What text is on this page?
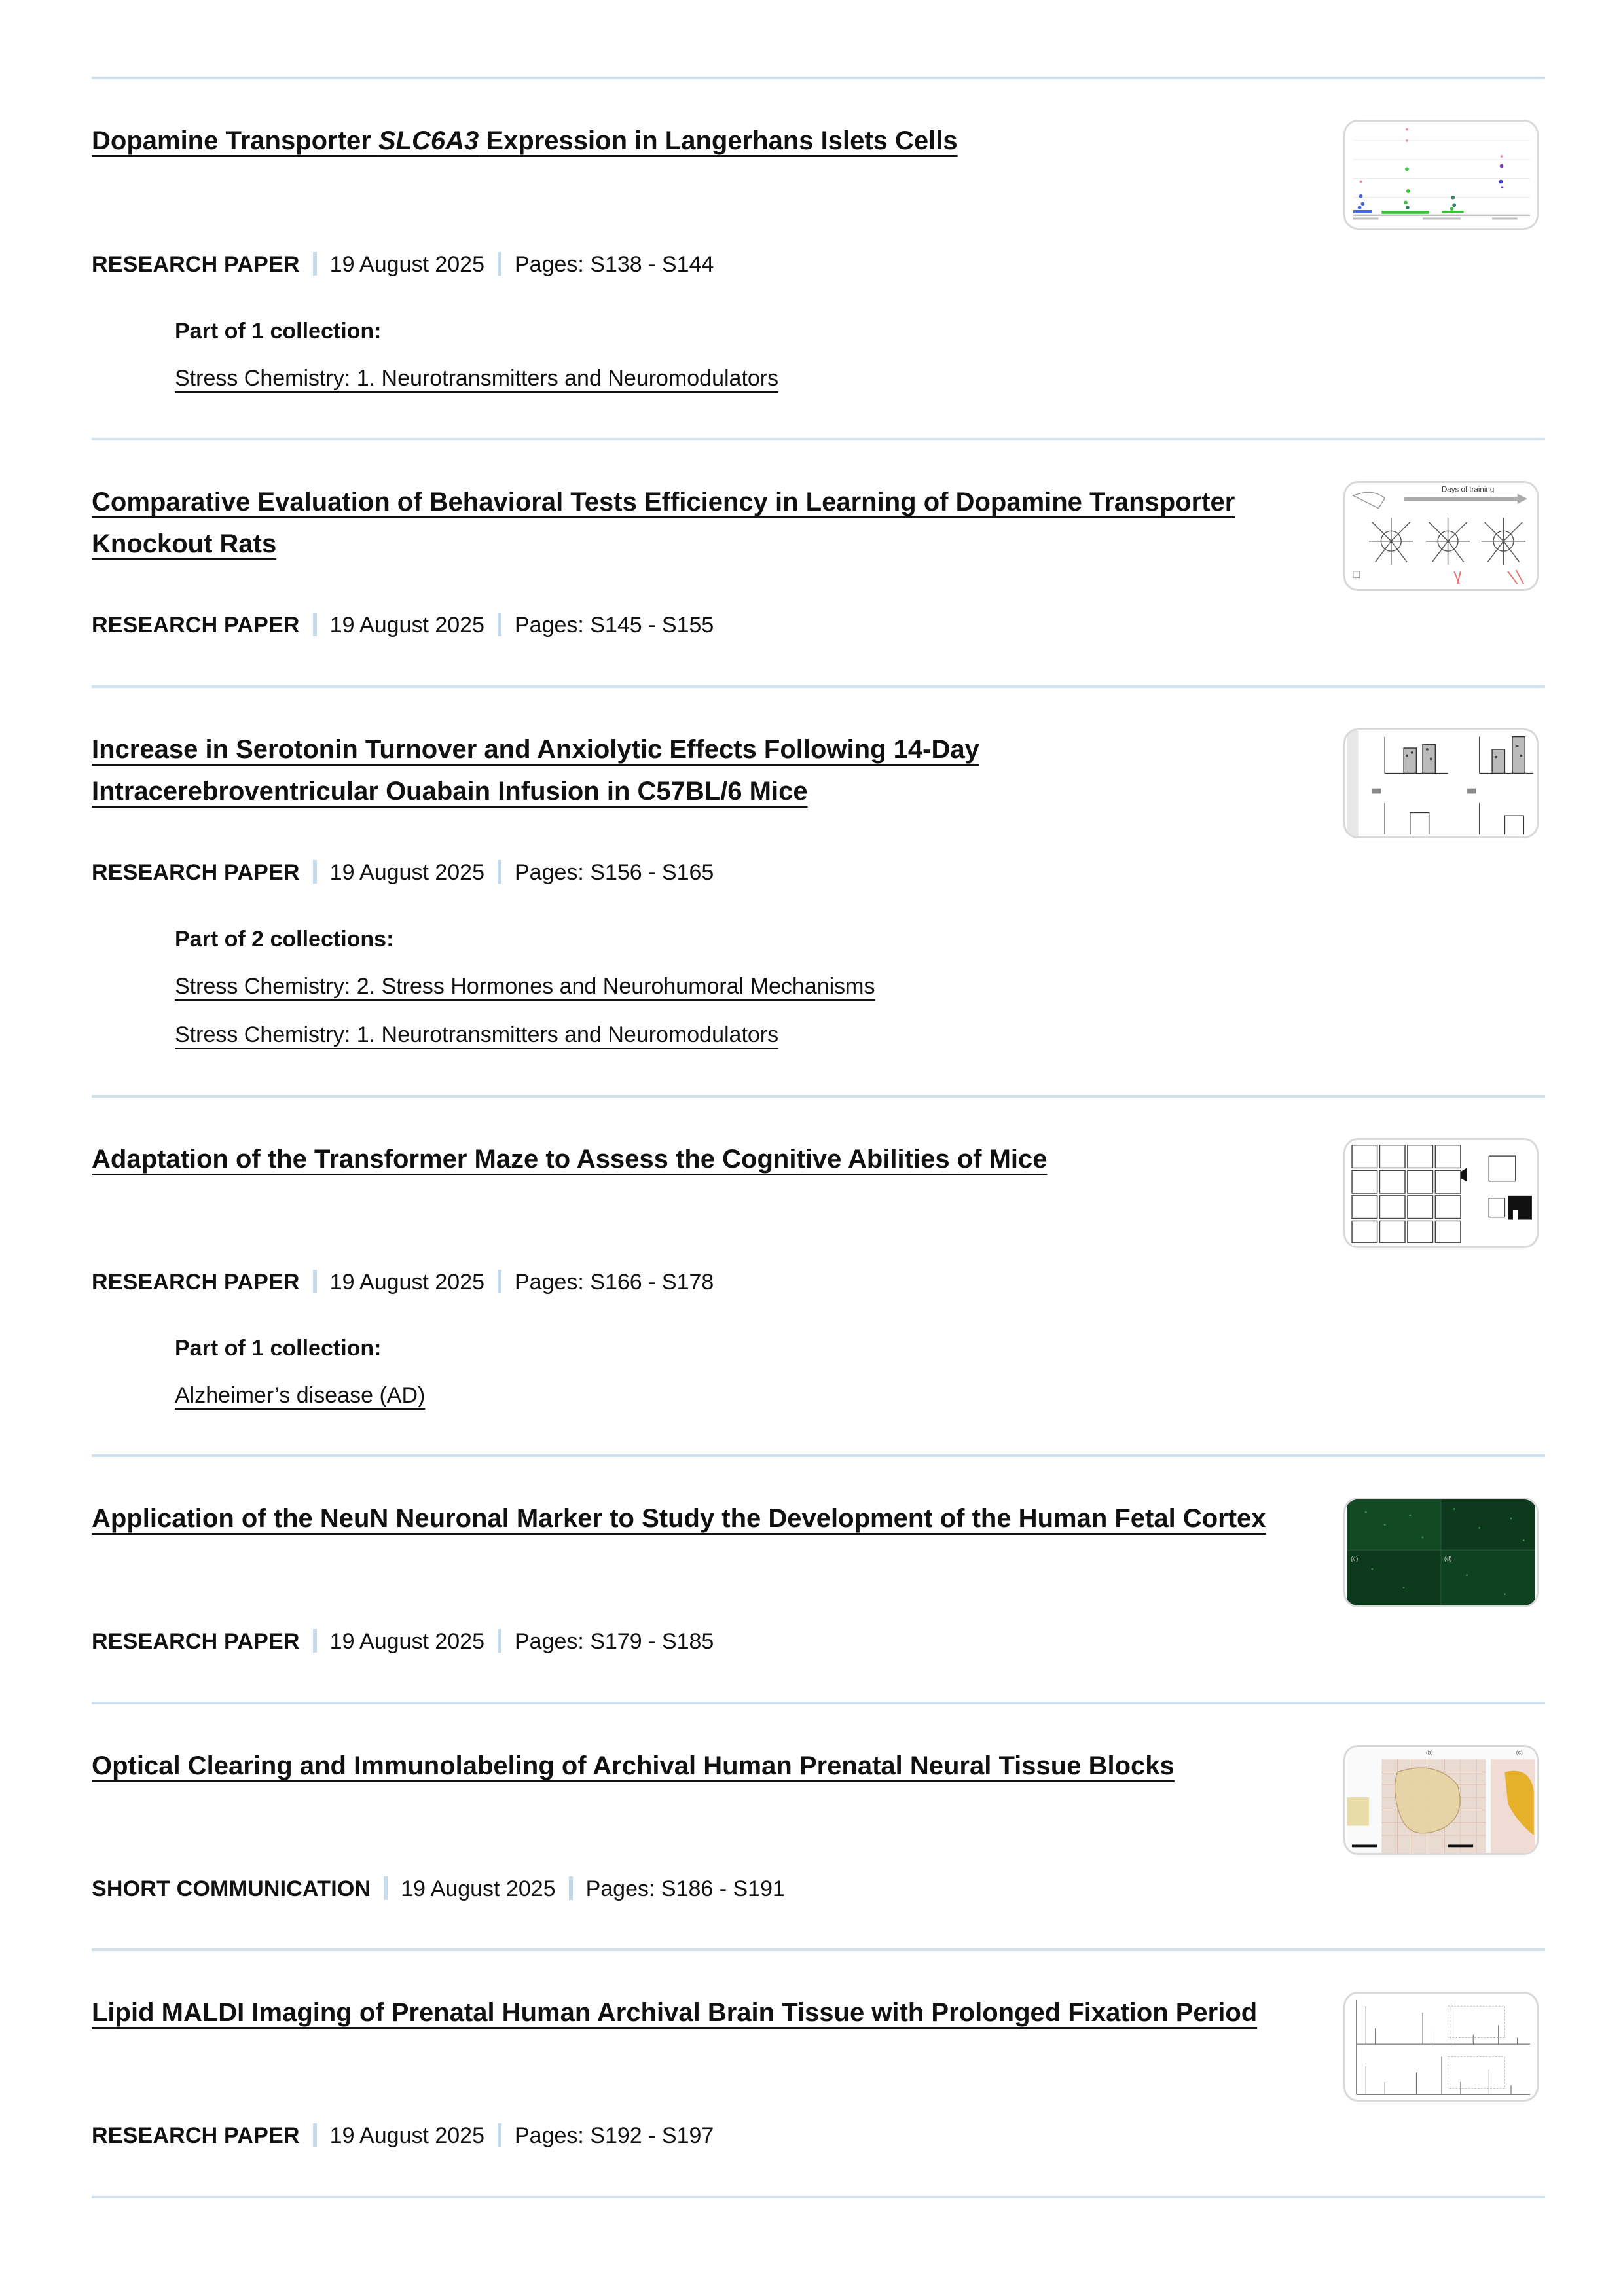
Dopamine Transporter SLC6A3 Expression in Langerhans Islets Cells
RESEARCH PAPER 19 August 2025 Pages: S138 - S144
Part of 1 collection:
Stress Chemistry: 1. Neurotransmitters and Neuromodulators
Comparative Evaluation of Behavioral Tests Efficiency in Learning of Dopamine Transporter Knockout Rats
RESEARCH PAPER 19 August 2025 Pages: S145 - S155
Days of training
Increase in Serotonin Turnover and Anxiolytic Effects Following 14-Day Intracerebroventricular Ouabain Infusion in C57BL/6 Mice
RESEARCH PAPER 19 August 2025 Pages: S156 - S165
Part of 2 collections:
Stress Chemistry: 2. Stress Hormones and Neurohumoral Mechanisms
Stress Chemistry: 1. Neurotransmitters and Neuromodulators
Adaptation of the Transformer Maze to Assess the Cognitive Abilities of Mice
RESEARCH PAPER 19 August 2025 Pages: S166 - S178
Part of 1 collection:
Alzheimer’s disease (AD)
Application of the NeuN Neuronal Marker to Study the Development of the Human Fetal Cortex
RESEARCH PAPER 19 August 2025 Pages: S179 - S185
(c)	(d)
Optical Clearing and Immunolabeling of Archival Human Prenatal Neural Tissue Blocks
SHORT COMMUNICATION 19 August 2025 Pages: S186 - S191
(b)	(c)
Lipid MALDI Imaging of Prenatal Human Archival Brain Tissue with Prolonged Fixation Period
RESEARCH PAPER 19 August 2025 Pages: S192 - S197
